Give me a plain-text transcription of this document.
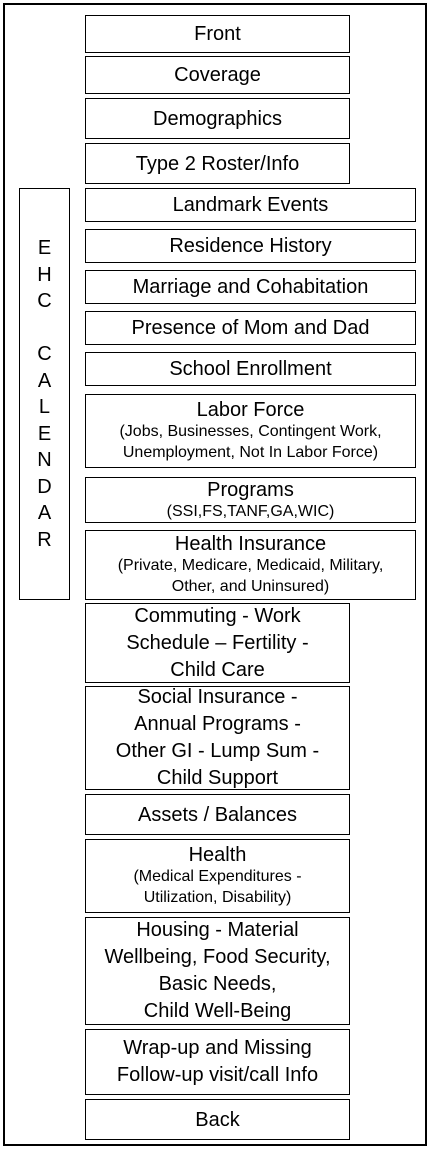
Front
Coverage
Demographics
Type 2 Roster/Info
E
H
C
C
A
L
E
N
D
A
R
Landmark Events
Residence History
Marriage and Cohabitation
Presence of Mom and Dad
School Enrollment
Labor Force
(Jobs, Businesses, Contingent Work,
Unemployment, Not In Labor Force)
Programs
(SSI,FS,TANF,GA,WIC)
Health Insurance
(Private, Medicare, Medicaid, Military,
Other, and Uninsured)
Commuting - Work
Schedule – Fertility -
Child Care
Social Insurance -
Annual Programs -
Other GI - Lump Sum -
Child Support
Assets / Balances
Health
(Medical Expenditures -
Utilization, Disability)
Housing - Material
Wellbeing, Food Security,
Basic Needs,
Child Well-Being
Wrap-up and Missing
Follow-up visit/call Info
Back
